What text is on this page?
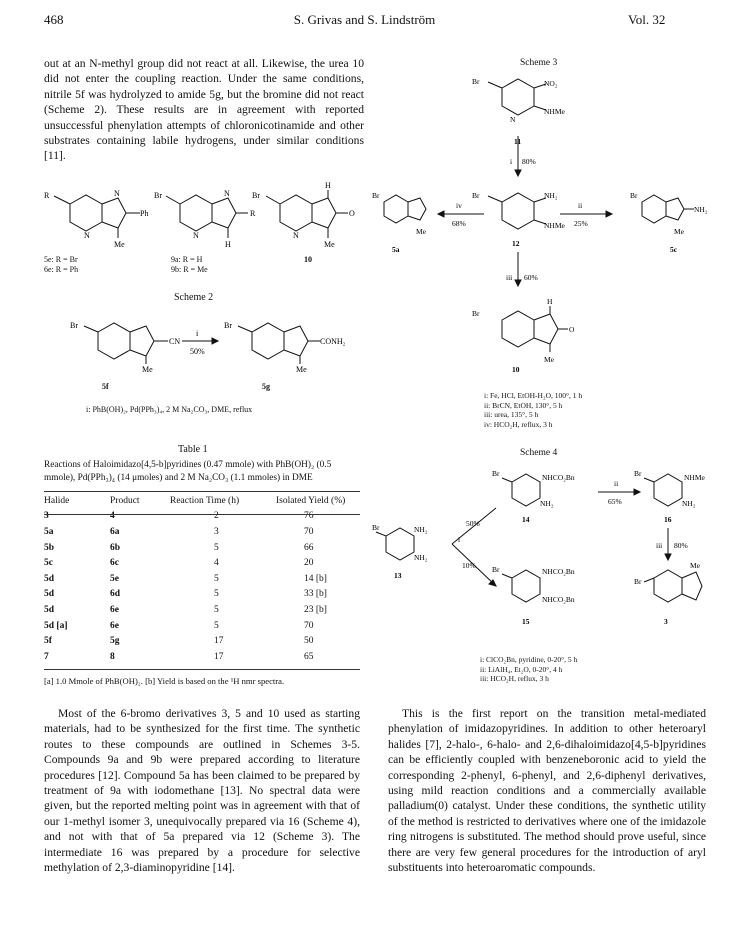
468	S. Grivas and S. Lindström	Vol. 32
out at an N-methyl group did not react at all. Likewise, the urea 10 did not enter the coupling reaction. Under the same conditions, nitrile 5f was hydrolyzed to amide 5g, but the bromine did not react (Scheme 2). These results are in agreement with reported unsuccessful phenylation attempts of chloronicotinamide and other substrates containing labile hydrogens, under similar conditions [11].
R
Ph
N
Me
N
Br
R
N
H
N
Br
O
H
Me
N
5e: R = Br
6e: R = Ph
9a: R = H
9b: R = Me
10
Scheme 2
Br
CN
Me
i
50%
Br
CONH₂
Me
5f	5g
i: PhB(OH)₂, Pd(PPh₃)₄, 2 M Na₂CO₃, DME, reflux
Table 1
Reactions of Haloimidazo[4,5-b]pyridines (0.47 mmole) with PhB(OH)₂ (0.5 mmole), Pd(PPh₃)₄ (14 μmoles) and 2 M Na₂CO₃ (1.1 mmoles) in DME
Halide	Product	Reaction Time (h)	Isolated Yield (%)
3	4	2	76
5a	6a	3	70
5b	6b	5	66
5c	6c	4	20
5d	5e	5	14 [b]
5d	6d	5	33 [b]
5d	6e	5	23 [b]
5d [a]	6e	5	70
5f	5g	17	50
7	8	17	65
[a] 1.0 Mmole of PhB(OH)₂. [b] Yield is based on the ¹H nmr spectra.
Scheme 3
Br	NO₂
NHMe
N
11
i 80%
Br	NH₂
NHMe
12
ii
25%
iv
68%
Br
Me
5a
Br
NH₂
Me
5c
iii 60%
Br
H
O
Me
10
i: Fe, HCl, EtOH-H₂O, 100°, 1 h
ii: BrCN, EtOH, 130°, 5 h
iii: urea, 135°, 5 h
iv: HCO₂H, reflux, 3 h
Scheme 4
Br	NHCO₂Bn
NH₂
14
ii
65%
Br	NHMe
NH₂
16
iii 80%
Br	NH₂
NH₂
13
i
50%
10% Br	NHCO₂Bn
NHCO₂Bn
15
Br
Me
3
i: ClCO₂Bn, pyridine, 0-20°, 5 h
ii: LiAlH₄, Et₂O, 0-20°, 4 h
iii: HCO₂H, reflux, 3 h
Most of the 6-bromo derivatives 3, 5 and 10 used as starting materials, had to be synthesized for the first time. The synthetic routes to these compounds are outlined in Schemes 3-5. Compounds 9a and 9b were prepared according to literature procedures [12]. Compound 5a has been claimed to be prepared by treatment of 9a with iodomethane [13]. No spectral data were given, but the reported melting point was in agreement with that of our 1-methyl isomer 3, unequivocally prepared via 16 (Scheme 4), and not with that of 5a prepared via 12 (Scheme 3). The intermediate 16 was prepared by a procedure for selective methylation of 2,3-diaminopyridine [14].
This is the first report on the transition metal-mediated phenylation of imidazopyridines. In addition to other heteroaryl halides [7], 2-halo-, 6-halo- and 2,6-dihaloimidazo[4,5-b]pyridines can be efficiently coupled with benzeneboronic acid to yield the corresponding 2-phenyl, 6-phenyl, and 2,6-diphenyl derivatives, using mild reaction conditions and a commercially available palladium(0) catalyst. Under these conditions, the synthetic utility of the method is restricted to derivatives where one of the imidazole ring nitrogens is substituted. The method should prove useful, since there are very few general procedures for the introduction of aryl substituents into heteroaromatic compounds.
